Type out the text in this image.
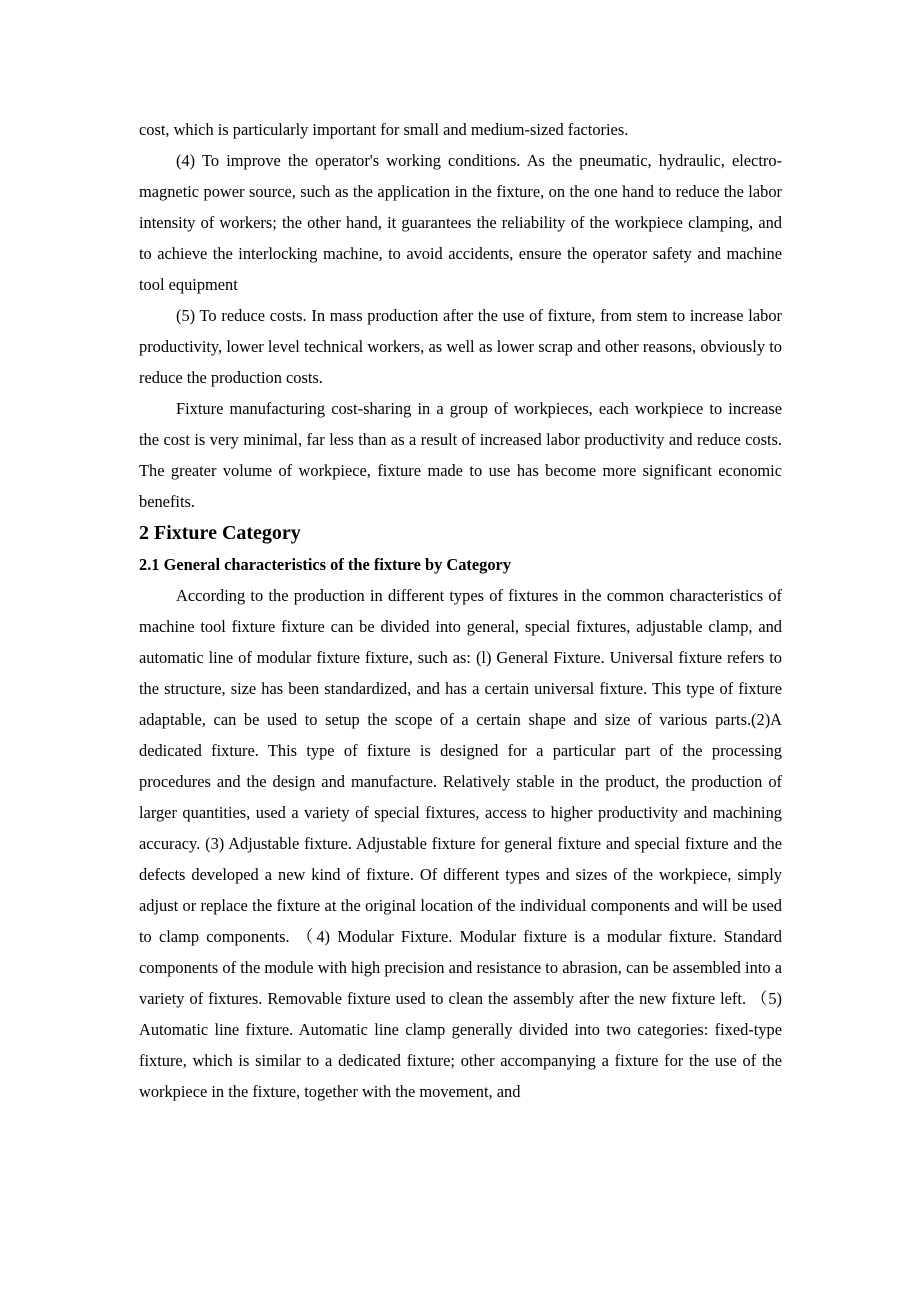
cost, which is particularly important for small and medium-sized factories.

(4) To improve the operator's working conditions. As the pneumatic, hydraulic, electro-magnetic power source, such as the application in the fixture, on the one hand to reduce the labor intensity of workers; the other hand, it guarantees the reliability of the workpiece clamping, and to achieve the interlocking machine, to avoid accidents, ensure the operator safety and machine tool equipment

(5) To reduce costs. In mass production after the use of fixture, from stem to increase labor productivity, lower level technical workers, as well as lower scrap and other reasons, obviously to reduce the production costs.

Fixture manufacturing cost-sharing in a group of workpieces, each workpiece to increase the cost is very minimal, far less than as a result of increased labor productivity and reduce costs. The greater volume of workpiece, fixture made to use has become more significant economic benefits.

2 Fixture Category
2.1 General characteristics of the fixture by Category

According to the production in different types of fixtures in the common characteristics of machine tool fixture fixture can be divided into general, special fixtures, adjustable clamp, and automatic line of modular fixture fixture, such as: (l) General Fixture. Universal fixture refers to the structure, size has been standardized, and has a certain universal fixture. This type of fixture adaptable, can be used to setup the scope of a certain shape and size of various parts.(2)A dedicated fixture. This type of fixture is designed for a particular part of the processing procedures and the design and manufacture. Relatively stable in the product, the production of larger quantities, used a variety of special fixtures, access to higher productivity and machining accuracy. (3) Adjustable fixture. Adjustable fixture for general fixture and special fixture and the defects developed a new kind of fixture. Of different types and sizes of the workpiece, simply adjust or replace the fixture at the original location of the individual components and will be used to clamp components. （4) Modular Fixture. Modular fixture is a modular fixture. Standard components of the module with high precision and resistance to abrasion, can be assembled into a variety of fixtures. Removable fixture used to clean the assembly after the new fixture left. （5) Automatic line fixture. Automatic line clamp generally divided into two categories: fixed-type fixture, which is similar to a dedicated fixture; other accompanying a fixture for the use of the workpiece in the fixture, together with the movement, and
